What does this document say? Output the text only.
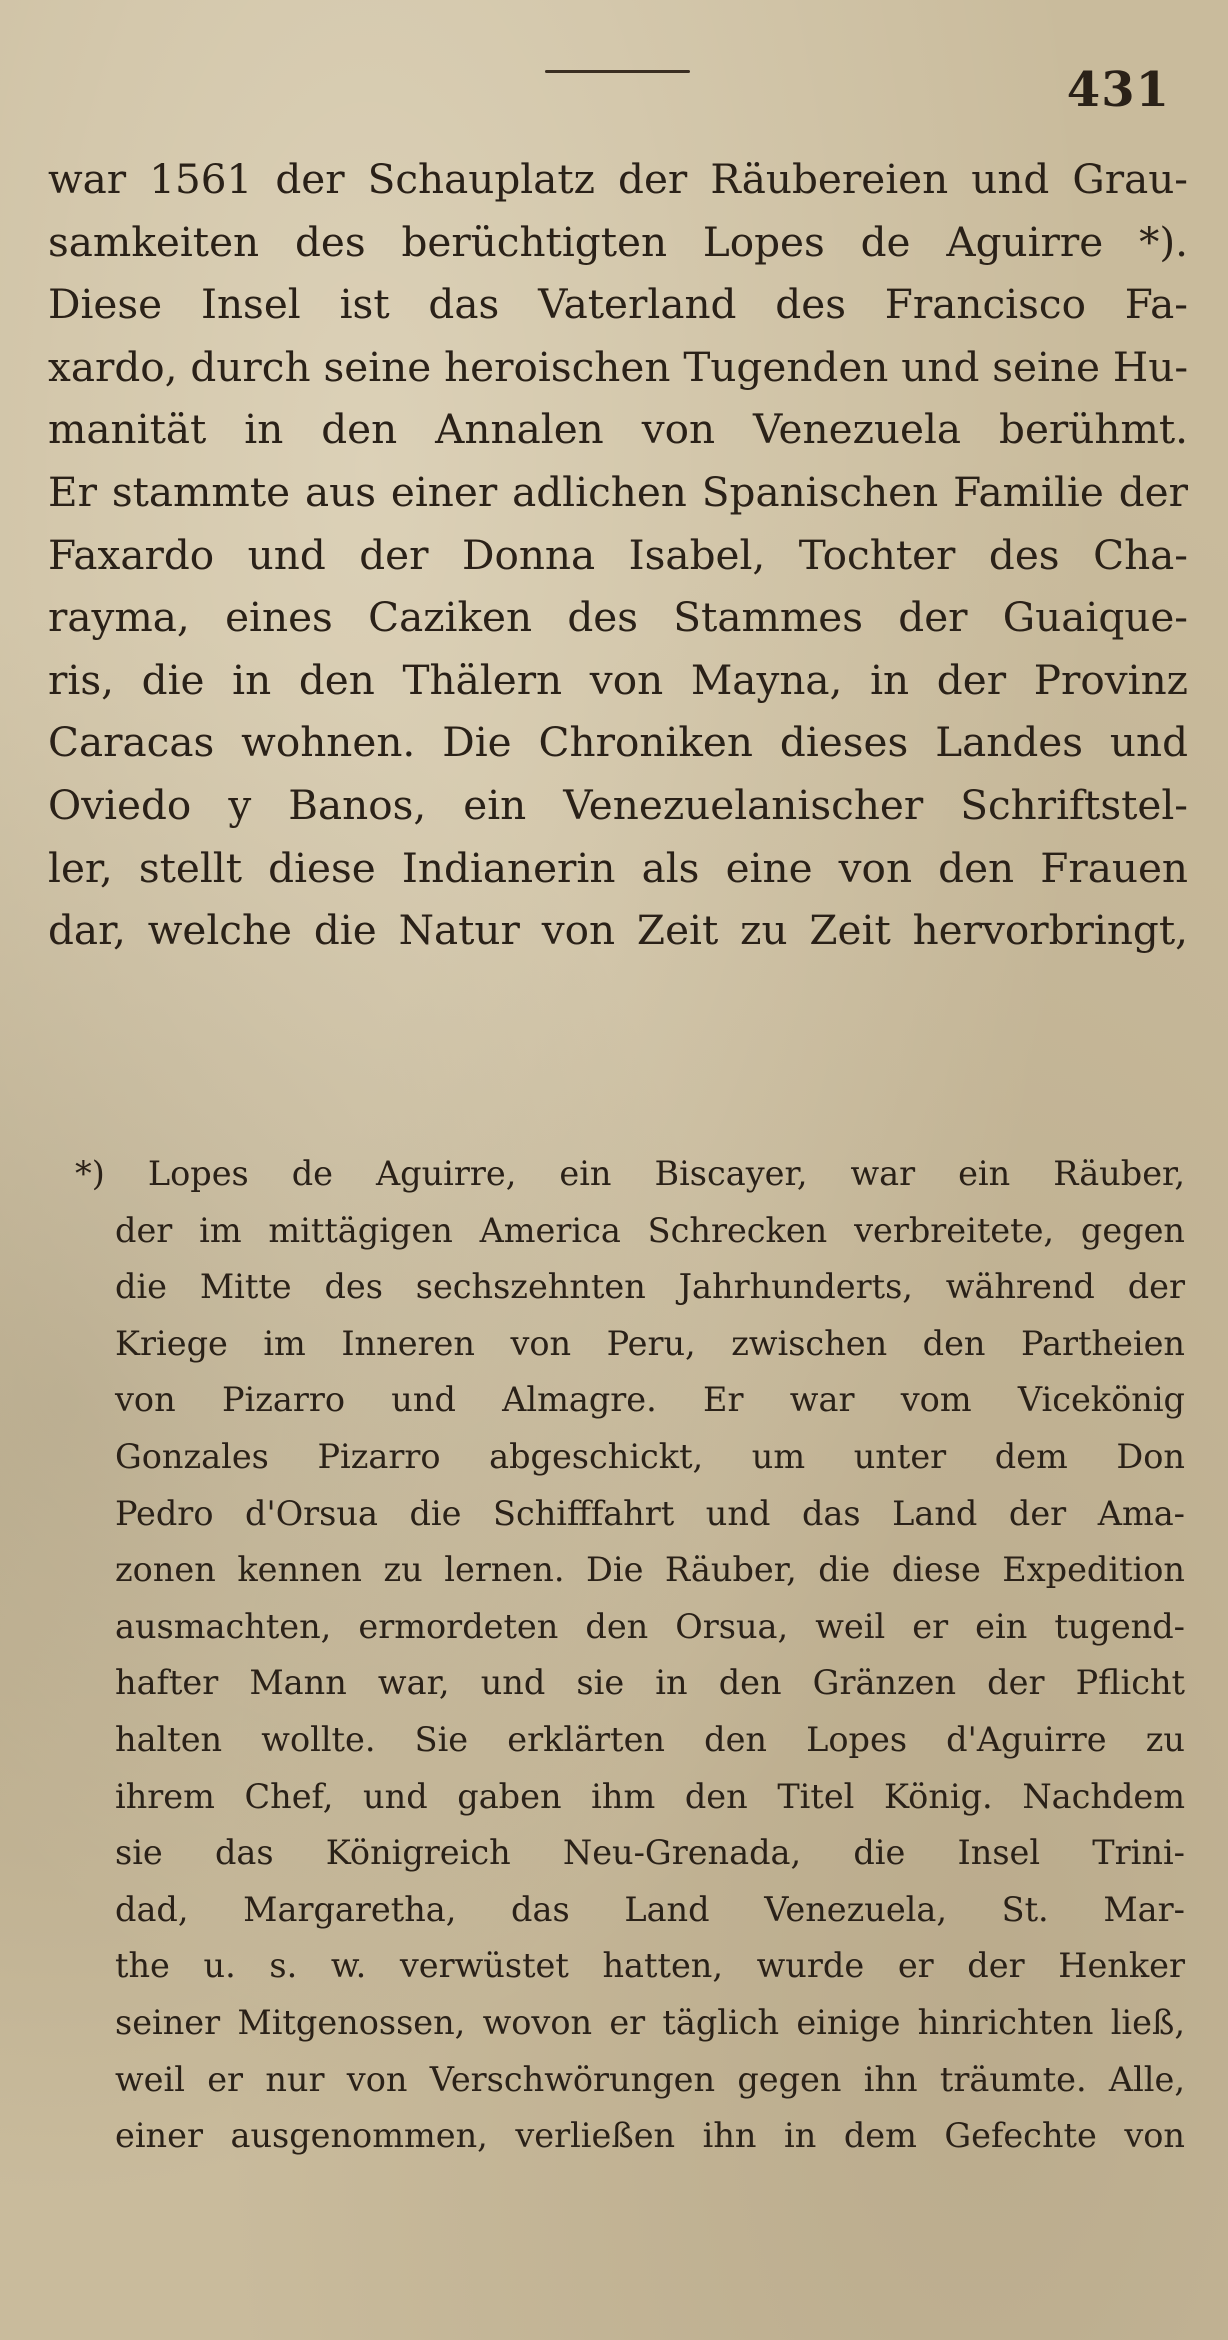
431
war 1561 der Schauplatz der Räubereien und Grau-
samkeiten des berüchtigten Lopes de Aguirre *).
Diese Insel ist das Vaterland des Francisco Fa-
xardo, durch seine heroischen Tugenden und seine Hu-
manität in den Annalen von Venezuela berühmt.
Er stammte aus einer adlichen Spanischen Familie der
Faxardo und der Donna Isabel, Tochter des Cha-
rayma, eines Caziken des Stammes der Guaique-
ris, die in den Thälern von Mayna, in der Provinz
Caracas wohnen. Die Chroniken dieses Landes und
Oviedo y Banos, ein Venezuelanischer Schriftstel-
ler, stellt diese Indianerin als eine von den Frauen
dar, welche die Natur von Zeit zu Zeit hervorbringt,
*) Lopes de Aguirre, ein Biscayer, war ein Räuber,
der im mittägigen America Schrecken verbreitete, gegen
die Mitte des sechszehnten Jahrhunderts, während der
Kriege im Inneren von Peru, zwischen den Partheien
von Pizarro und Almagre. Er war vom Vicekönig
Gonzales Pizarro abgeschickt, um unter dem Don
Pedro d'Orsua die Schifffahrt und das Land der Ama-
zonen kennen zu lernen. Die Räuber, die diese Expedition
ausmachten, ermordeten den Orsua, weil er ein tugend-
hafter Mann war, und sie in den Gränzen der Pflicht
halten wollte. Sie erklärten den Lopes d'Aguirre zu
ihrem Chef, und gaben ihm den Titel König. Nachdem
sie das Königreich Neu-Grenada, die Insel Trini-
dad, Margaretha, das Land Venezuela, St. Mar-
the u. s. w. verwüstet hatten, wurde er der Henker
seiner Mitgenossen, wovon er täglich einige hinrichten ließ,
weil er nur von Verschwörungen gegen ihn träumte. Alle,
einer ausgenommen, verließen ihn in dem Gefechte von
